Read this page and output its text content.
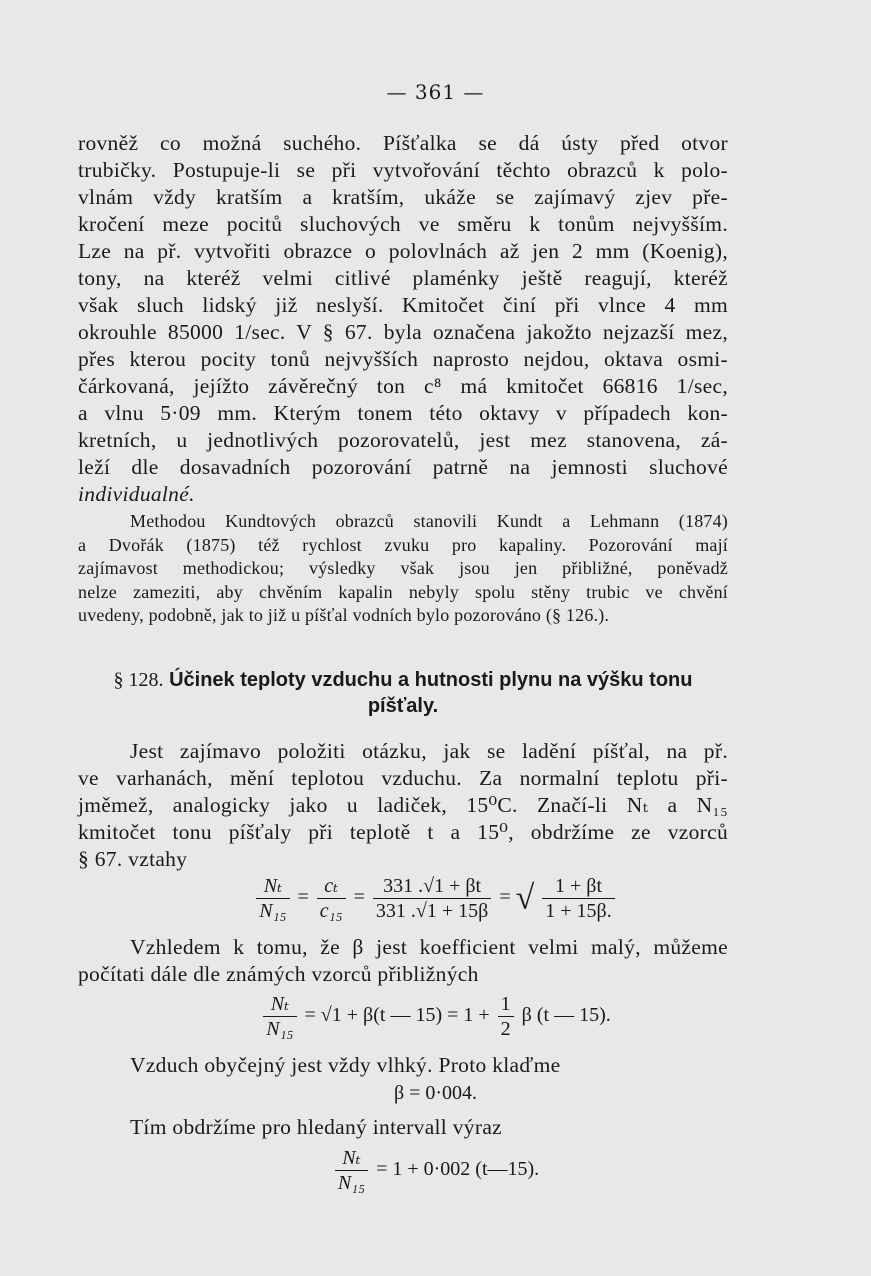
— 361 —
rovněž co možná suchého. Píšťalka se dá ústy před otvor
trubičky. Postupuje-li se při vytvořování těchto obrazců k polo-
vlnám vždy kratším a kratším, ukáže se zajímavý zjev pře-
kročení meze pocitů sluchových ve směru k tonům nejvyšším.
Lze na př. vytvořiti obrazce o polovlnách až jen 2 mm (Koenig),
tony, na kteréž velmi citlivé plaménky ještě reagují, kteréž
však sluch lidský již neslyší. Kmitočet činí při vlnce 4 mm
okrouhle 85000 1/sec. V § 67. byla označena jakožto nejzazší mez,
přes kterou pocity tonů nejvyšších naprosto nejdou, oktava osmi-
čárkovaná, jejížto závěrečný ton c⁸ má kmitočet 66816 1/sec,
a vlnu 5·09 mm. Kterým tonem této oktavy v případech kon-
kretních, u jednotlivých pozorovatelů, jest mez stanovena, zá-
leží dle dosavadních pozorování patrně na jemnosti sluchové
individualné.
Methodou Kundtových obrazců stanovili Kundt a Lehmann (1874)
a Dvořák (1875) též rychlost zvuku pro kapaliny. Pozorování mají
zajímavost methodickou; výsledky však jsou jen přibližné, poněvadž
nelze zameziti, aby chvěním kapalin nebyly spolu stěny trubic ve chvění
uvedeny, podobně, jak to již u píšťal vodních bylo pozorováno (§ 126.).
§ 128. Účinek teploty vzduchu a hutnosti plynu na výšku tonu
píšťaly.
Jest zajímavo položiti otázku, jak se ladění píšťal, na př.
ve varhanách, mění teplotou vzduchu. Za normalní teplotu při-
jměmež, analogicky jako u ladiček, 15⁰C. Značí-li Nₜ a N₁₅
kmitočet tonu píšťaly při teplotě t a 15⁰, obdržíme ze vzorců
§ 67. vztahy
$\frac{\text{Nₜ}}{\text{N₁₅}} = \frac{\text{cₜ}}{\text{c₁₅}} = \frac{331 .√1 + \beta t}{331 .√1 + 15\beta}$ = √ $\frac{1 + \beta t}{1 + 15\beta.}$
Vzhledem k tomu, že β jest koefficient velmi malý, můžeme
počítati dále dle známých vzorců přibližných
$\frac{\text{Nₜ}}{\text{N₁₅}} = √1 + \beta(t$ — $15) = 1 + \frac{1}{2}$ β (t — 15).
Vzduch obyčejný jest vždy vlhký. Proto klaďme
β = 0·004.
Tím obdržíme pro hledaný intervall výraz
$\frac{\text{Nₜ}}{\text{N₁₅}} = 1 + 0\cdot 002$ (t—15).
